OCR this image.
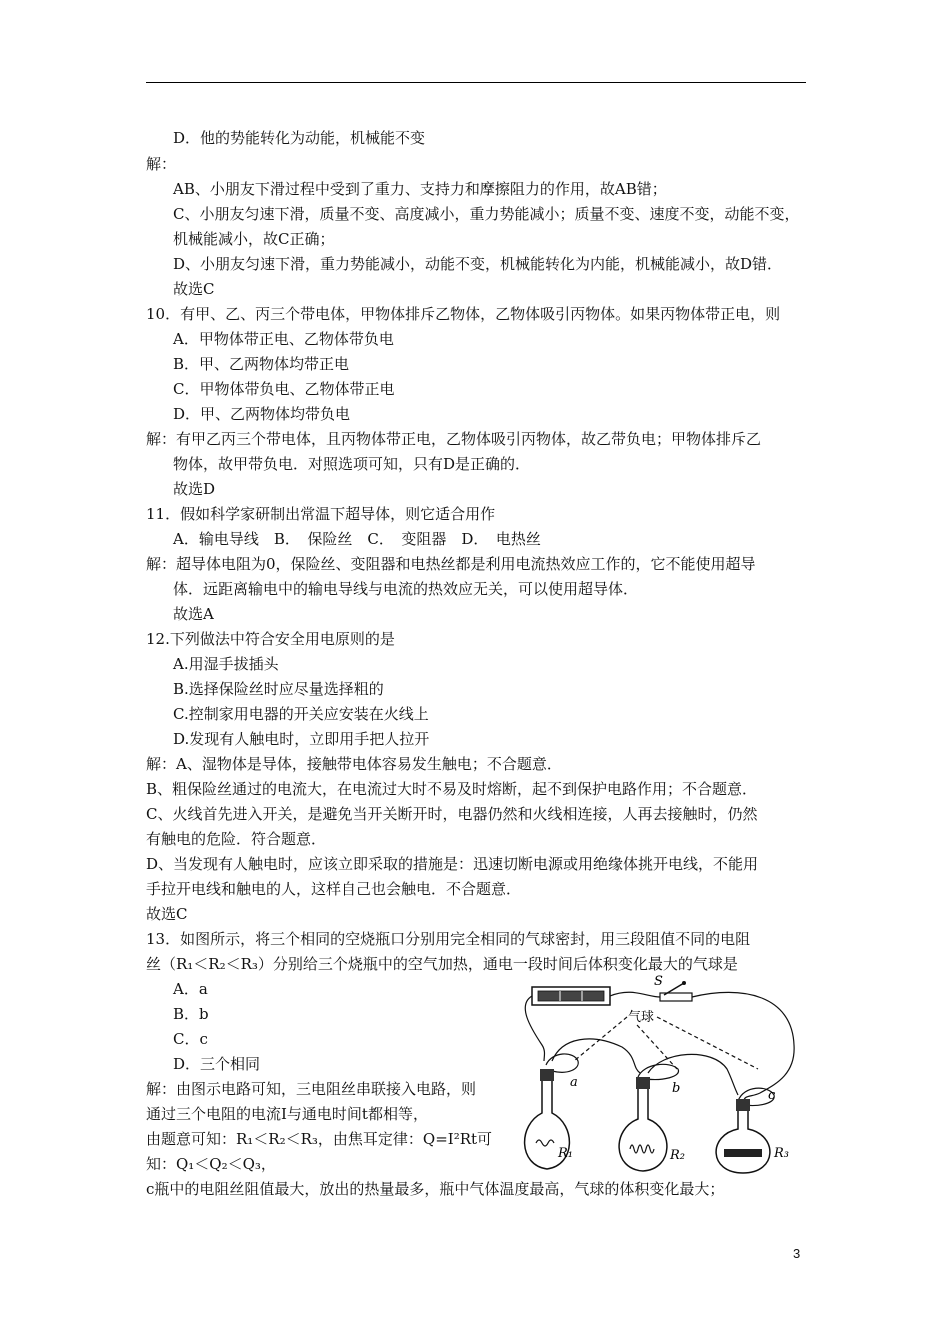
D．他的势能转化为动能，机械能不变
解：
AB、小朋友下滑过程中受到了重力、支持力和摩擦阻力的作用，故AB错；
C、小朋友匀速下滑，质量不变、高度减小，重力势能减小；质量不变、速度不变，动能不变，
机械能减小，故C正确；
D、小朋友匀速下滑，重力势能减小，动能不变，机械能转化为内能，机械能减小，故D错．
故选C
10．有甲、乙、丙三个带电体，甲物体排斥乙物体，乙物体吸引丙物体。如果丙物体带正电，则
A．甲物体带正电、乙物体带负电
B．甲、乙两物体均带正电
C．甲物体带负电、乙物体带正电
D．甲、乙两物体均带负电
解：有甲乙丙三个带电体，且丙物体带正电，乙物体吸引丙物体，故乙带负电；甲物体排斥乙
物体，故甲带负电．对照选项可知，只有D是正确的．
故选D
11．假如科学家研制出常温下超导体，则它适合用作
A．输电导线　B．　保险丝　C．　变阻器　D．　电热丝
解：超导体电阻为0，保险丝、变阻器和电热丝都是利用电流热效应工作的，它不能使用超导
体．远距离输电中的输电导线与电流的热效应无关，可以使用超导体．
故选A
12.下列做法中符合安全用电原则的是
A.用湿手拔插头
B.选择保险丝时应尽量选择粗的
C.控制家用电器的开关应安装在火线上
D.发现有人触电时，立即用手把人拉开
解：A、湿物体是导体，接触带电体容易发生触电；不合题意．
B、粗保险丝通过的电流大，在电流过大时不易及时熔断，起不到保护电路作用；不合题意．
C、火线首先进入开关，是避免当开关断开时，电器仍然和火线相连接，人再去接触时，仍然
有触电的危险．符合题意．
D、当发现有人触电时，应该立即采取的措施是：迅速切断电源或用绝缘体挑开电线，不能用
手拉开电线和触电的人，这样自己也会触电．不合题意．
故选C
13．如图所示，将三个相同的空烧瓶口分别用完全相同的气球密封，用三段阻值不同的电阻
丝（R₁＜R₂＜R₃）分别给三个烧瓶中的空气加热，通电一段时间后体积变化最大的气球是
A．a
B．b
C．c
D．三个相同
解：由图示电路可知，三电阻丝串联接入电路，则
通过三个电阻的电流I与通电时间t都相等，
由题意可知：R₁＜R₂＜R₃，由焦耳定律：Q=I²Rt可
知：Q₁＜Q₂＜Q₃，
c瓶中的电阻丝阻值最大，放出的热量最多，瓶中气体温度最高，气球的体积变化最大；
S
气球
a	b	c
R₁	R₂	R₃
3
